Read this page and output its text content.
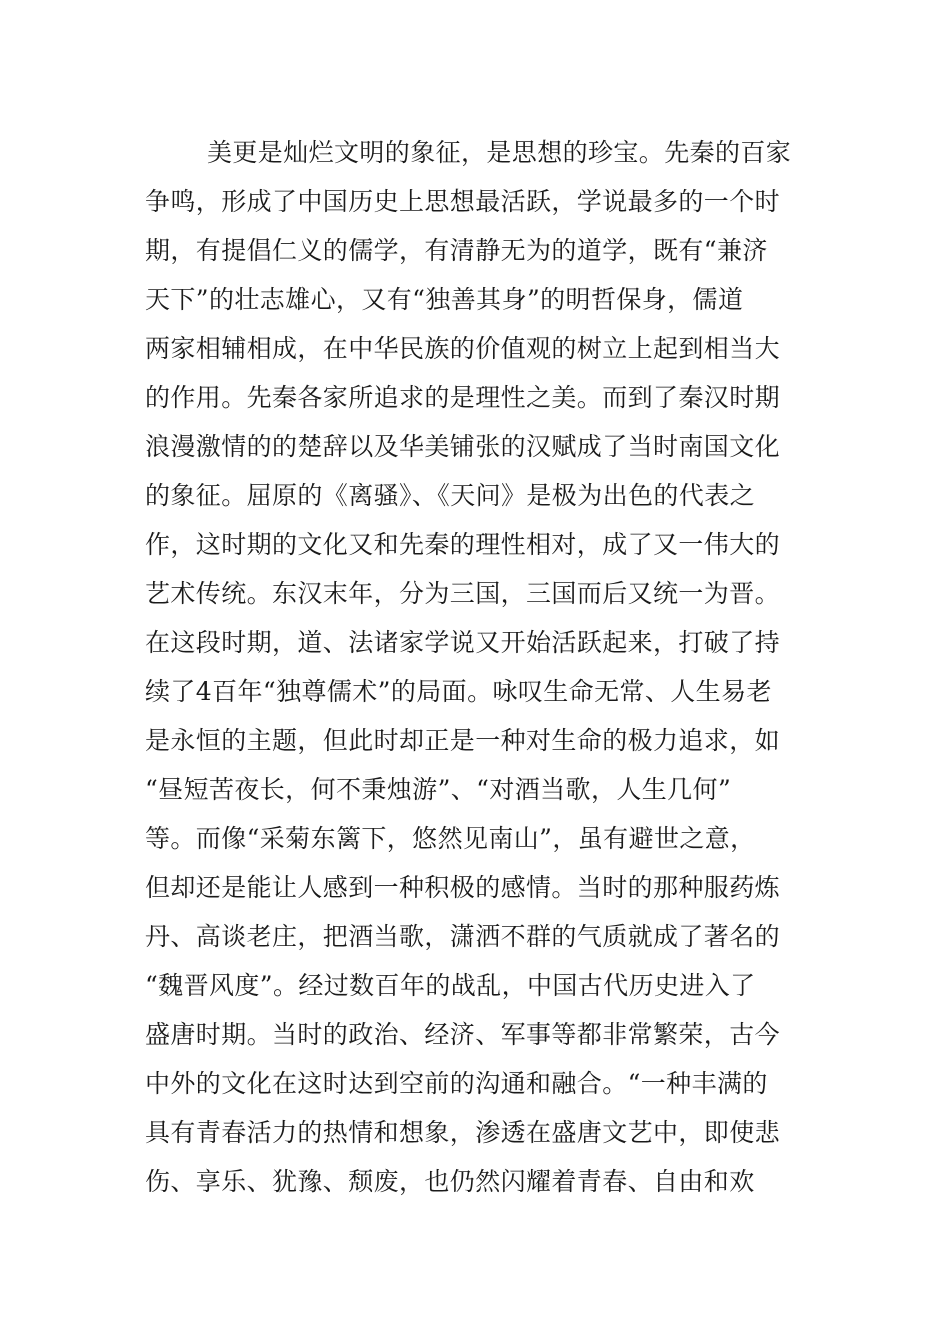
美更是灿烂文明的象征，是思想的珍宝。先秦的百家
争鸣，形成了中国历史上思想最活跃，学说最多的一个时
期，有提倡仁义的儒学，有清静无为的道学，既有“兼济
天下”的壮志雄心，又有“独善其身”的明哲保身，儒道
两家相辅相成，在中华民族的价值观的树立上起到相当大
的作用。先秦各家所追求的是理性之美。而到了秦汉时期
浪漫激情的的楚辞以及华美铺张的汉赋成了当时南国文化
的象征。屈原的《离骚》、《天问》是极为出色的代表之
作，这时期的文化又和先秦的理性相对，成了又一伟大的
艺术传统。东汉末年，分为三国，三国而后又统一为晋。
在这段时期，道、法诸家学说又开始活跃起来，打破了持
续了4百年“独尊儒术”的局面。咏叹生命无常、人生易老
是永恒的主题，但此时却正是一种对生命的极力追求，如
“昼短苦夜长，何不秉烛游”、“对酒当歌，人生几何”
等。而像“采菊东篱下，悠然见南山”，虽有避世之意，
但却还是能让人感到一种积极的感情。当时的那种服药炼
丹、高谈老庄，把酒当歌，潇洒不群的气质就成了著名的
“魏晋风度”。经过数百年的战乱，中国古代历史进入了
盛唐时期。当时的政治、经济、军事等都非常繁荣，古今
中外的文化在这时达到空前的沟通和融合。“一种丰满的
具有青春活力的热情和想象，渗透在盛唐文艺中，即使悲
伤、享乐、犹豫、颓废，也仍然闪耀着青春、自由和欢
